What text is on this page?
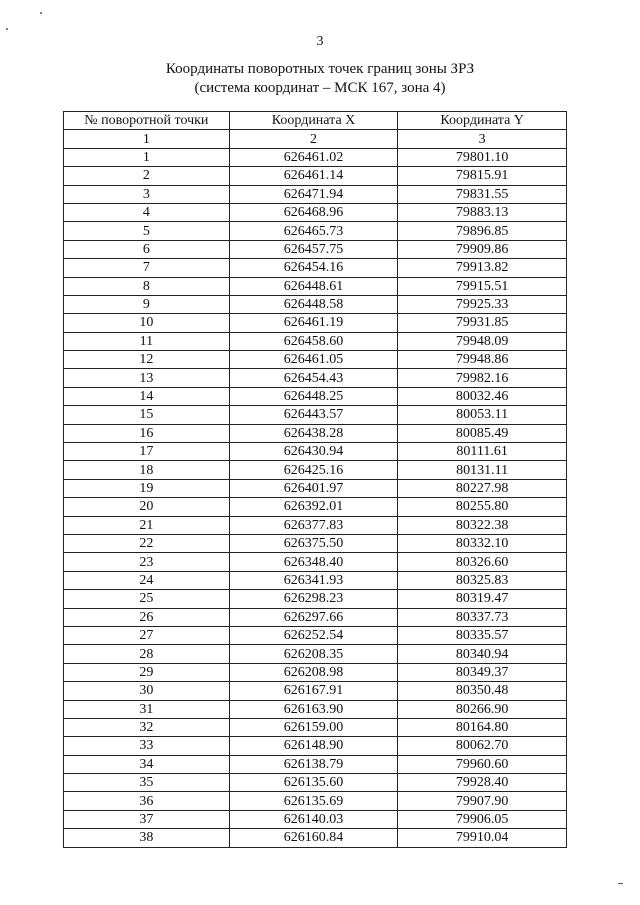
3
Координаты поворотных точек границ зоны ЗРЗ
(система координат – МСК 167, зона 4)
№ поворотной точки	Координата X	Координата Y
1	2	3
1	626461.02	79801.10
2	626461.14	79815.91
3	626471.94	79831.55
4	626468.96	79883.13
5	626465.73	79896.85
6	626457.75	79909.86
7	626454.16	79913.82
8	626448.61	79915.51
9	626448.58	79925.33
10	626461.19	79931.85
11	626458.60	79948.09
12	626461.05	79948.86
13	626454.43	79982.16
14	626448.25	80032.46
15	626443.57	80053.11
16	626438.28	80085.49
17	626430.94	80111.61
18	626425.16	80131.11
19	626401.97	80227.98
20	626392.01	80255.80
21	626377.83	80322.38
22	626375.50	80332.10
23	626348.40	80326.60
24	626341.93	80325.83
25	626298.23	80319.47
26	626297.66	80337.73
27	626252.54	80335.57
28	626208.35	80340.94
29	626208.98	80349.37
30	626167.91	80350.48
31	626163.90	80266.90
32	626159.00	80164.80
33	626148.90	80062.70
34	626138.79	79960.60
35	626135.60	79928.40
36	626135.69	79907.90
37	626140.03	79906.05
38	626160.84	79910.04
